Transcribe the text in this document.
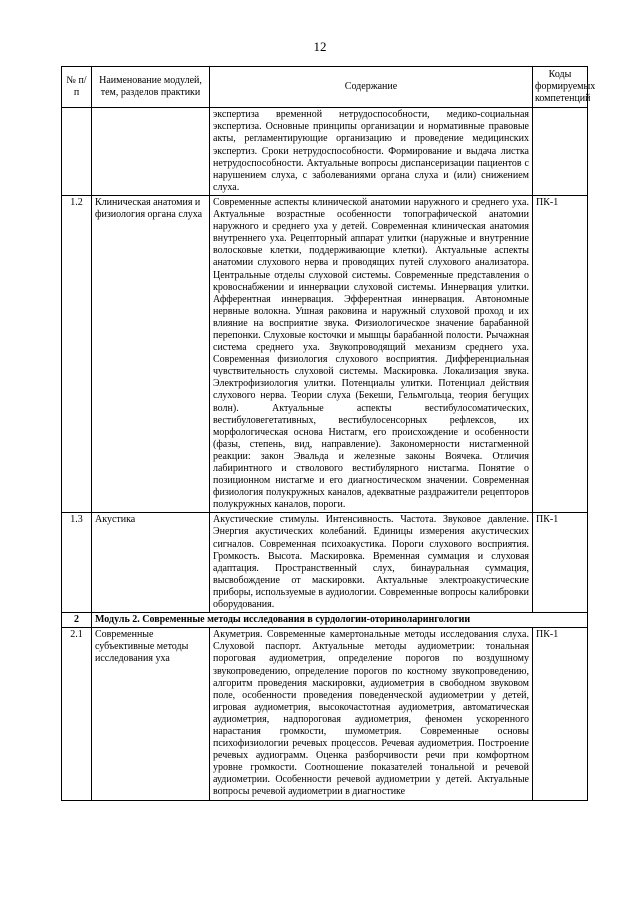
12
№ п/п	Наименование модулей, тем, разделов практики	Содержание	Коды формируемых компетенций
		экспертиза временной нетрудоспособности, медико-социальная экспертиза. Основные принципы организации и нормативные правовые акты, регламентирующие организацию и проведение медицинских экспертиз. Сроки нетрудоспособности. Формирование и выдача листка нетрудоспособности. Актуальные вопросы диспансеризации пациентов с нарушением слуха, с заболеваниями органа слуха и (или) снижением слуха.	
1.2	Клиническая анатомия и физиология органа слуха	Современные аспекты клинической анатомии наружного и среднего уха. Актуальные возрастные особенности топографической анатомии наружного и среднего уха у детей. Современная клиническая анатомия внутреннего уха. Рецепторный аппарат улитки (наружные и внутренние волосковые клетки, поддерживающие клетки). Актуальные аспекты анатомии слухового нерва и проводящих путей слухового анализатора. Центральные отделы слуховой системы. Современные представления о кровоснабжении и иннервации слуховой системы. Иннервация улитки. Афферентная иннервация. Эфферентная иннервация. Автономные нервные волокна. Ушная раковина и наружный слуховой проход и их влияние на восприятие звука. Физиологическое значение барабанной перепонки. Слуховые косточки и мышцы барабанной полости. Рычажная система среднего уха. Звукопроводящий механизм среднего уха. Современная физиология слухового восприятия. Дифференциальная чувствительность слуховой системы. Маскировка. Локализация звука. Электрофизиология улитки. Потенциалы улитки. Потенциал действия слухового нерва. Теории слуха (Бекеши, Гельмгольца, теория бегущих волн). Актуальные аспекты вестибулосоматических, вестибуловегетативных, вестибулосенсорных рефлексов, их морфологическая основа Нистагм, его происхождение и особенности (фазы, степень, вид, направление). Закономерности нистагменной реакции: закон Эвальда и железные законы Воячека. Отличия лабиринтного и стволового вестибулярного нистагма. Понятие о позиционном нистагме и его диагностическом значении. Современная физиология полукружных каналов, адекватные раздражители рецепторов полукружных каналов, пороги.	ПК-1
1.3	Акустика	Акустические стимулы. Интенсивность. Частота. Звуковое давление. Энергия акустических колебаний. Единицы измерения акустических сигналов. Современная психоакустика. Пороги слухового восприятия. Громкость. Высота. Маскировка. Временная суммация и слуховая адаптация. Пространственный слух, бинауральная суммация, высвобождение от маскировки. Актуальные электроакустические приборы, используемые в аудиологии. Современные вопросы калибровки оборудования.	ПК-1
2	Модуль 2. Современные методы исследования в сурдологии-оториноларингологии		
2.1	Современные субъективные методы исследования уха	Акуметрия. Современные камертональные методы исследования слуха. Слуховой паспорт. Актуальные методы аудиометрии: тональная пороговая аудиометрия, определение порогов по воздушному звукопроведению, определение порогов по костному звукопроведению, алгоритм проведения маскировки, аудиометрия в свободном звуковом поле, особенности проведения поведенческой аудиометрии у детей, игровая аудиометрия, высокочастотная аудиометрия, автоматическая аудиометрия, надпороговая аудиометрия, феномен ускоренного нарастания громкости, шумометрия. Современные основы психофизиологии речевых процессов. Речевая аудиометрия. Построение речевых аудиограмм. Оценка разборчивости речи при комфортном уровне громкости. Соотношение показателей тональной и речевой аудиометрии. Особенности речевой аудиометрии у детей. Актуальные вопросы речевой аудиометрии в диагностике	ПК-1
